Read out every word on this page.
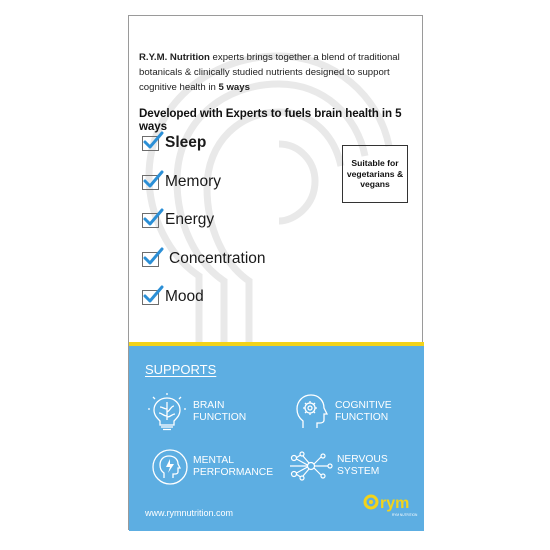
R.Y.M. Nutrition experts brings together a blend of traditional botanicals & clinically studied nutrients designed to support cognitive health in 5 ways
Developed with Experts to fuels brain health in 5 ways
Sleep
Memory
Energy
Concentration
Mood
Suitable for vegetarians & vegans
SUPPORTS
BRAIN
FUNCTION
COGNITIVE
FUNCTION
MENTAL
PERFORMANCE
NERVOUS
SYSTEM
www.rymnutrition.com
rym
RYM NUTRITION
